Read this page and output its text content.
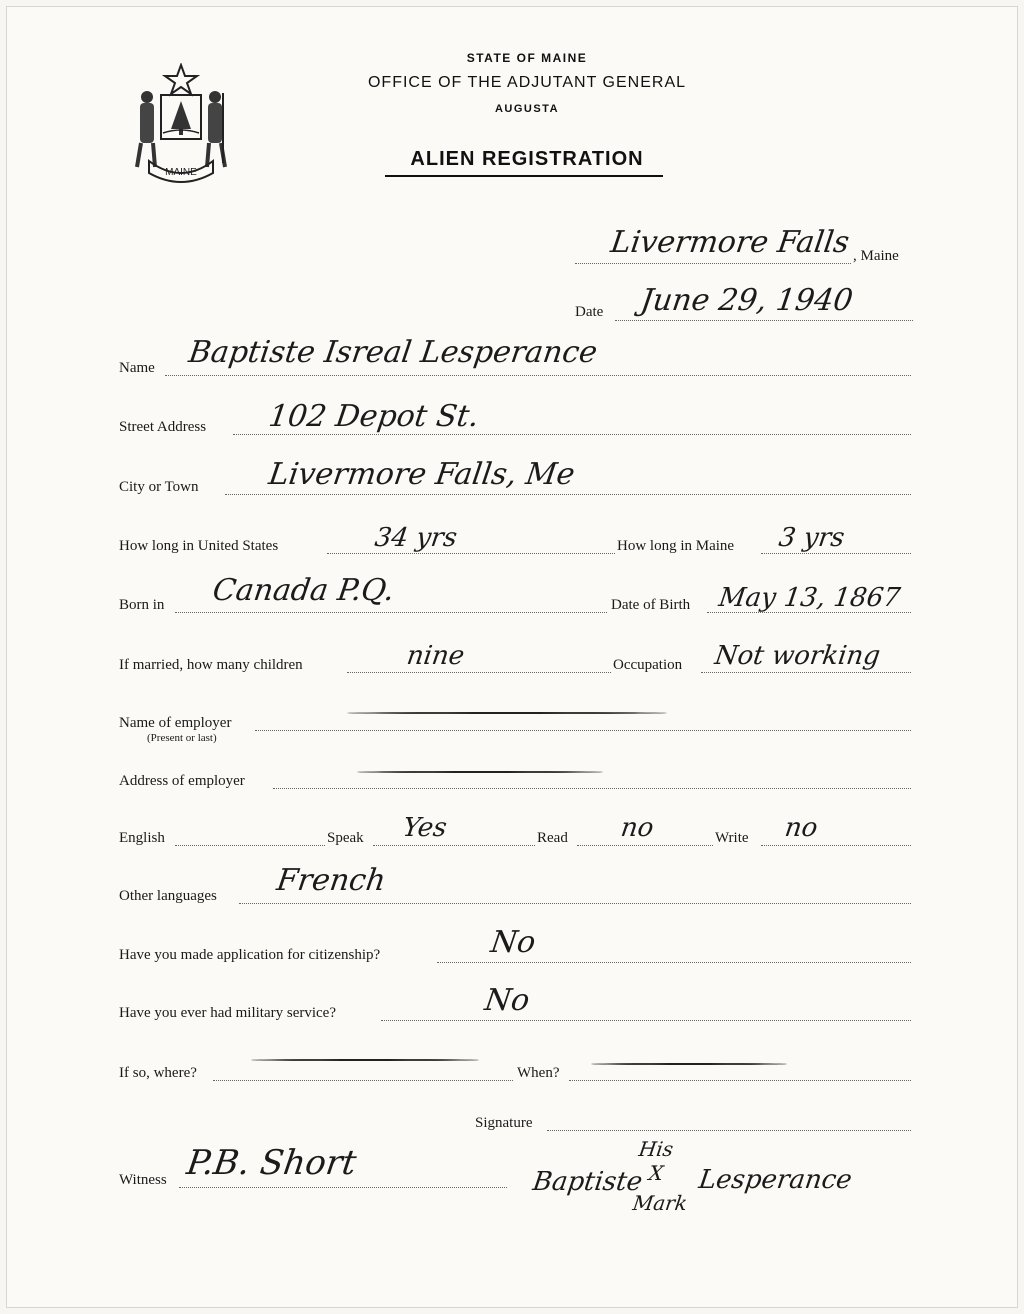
MAINE
STATE OF MAINE
OFFICE OF THE ADJUTANT GENERAL
AUGUSTA
ALIEN REGISTRATION
Livermore Falls , Maine
Date June 29, 1940
Name Baptiste Isreal Lesperance
Street Address 102 Depot St.
City or Town Livermore Falls, Me
How long in United States	34 yrs	How long in Maine 3 yrs
Born in Canada P.Q.	Date of Birth May 13, 1867
If married, how many children	nine	Occupation Not working
Name of employer
(Present or last)
Address of employer
English	Speak Yes	Read no	Write no
Other languages French
Have you made application for citizenship?	No
Have you ever had military service?	No
If so, where?	When?
Signature
His
X
Mark
Baptiste Lesperance
Witness P.B. Short
